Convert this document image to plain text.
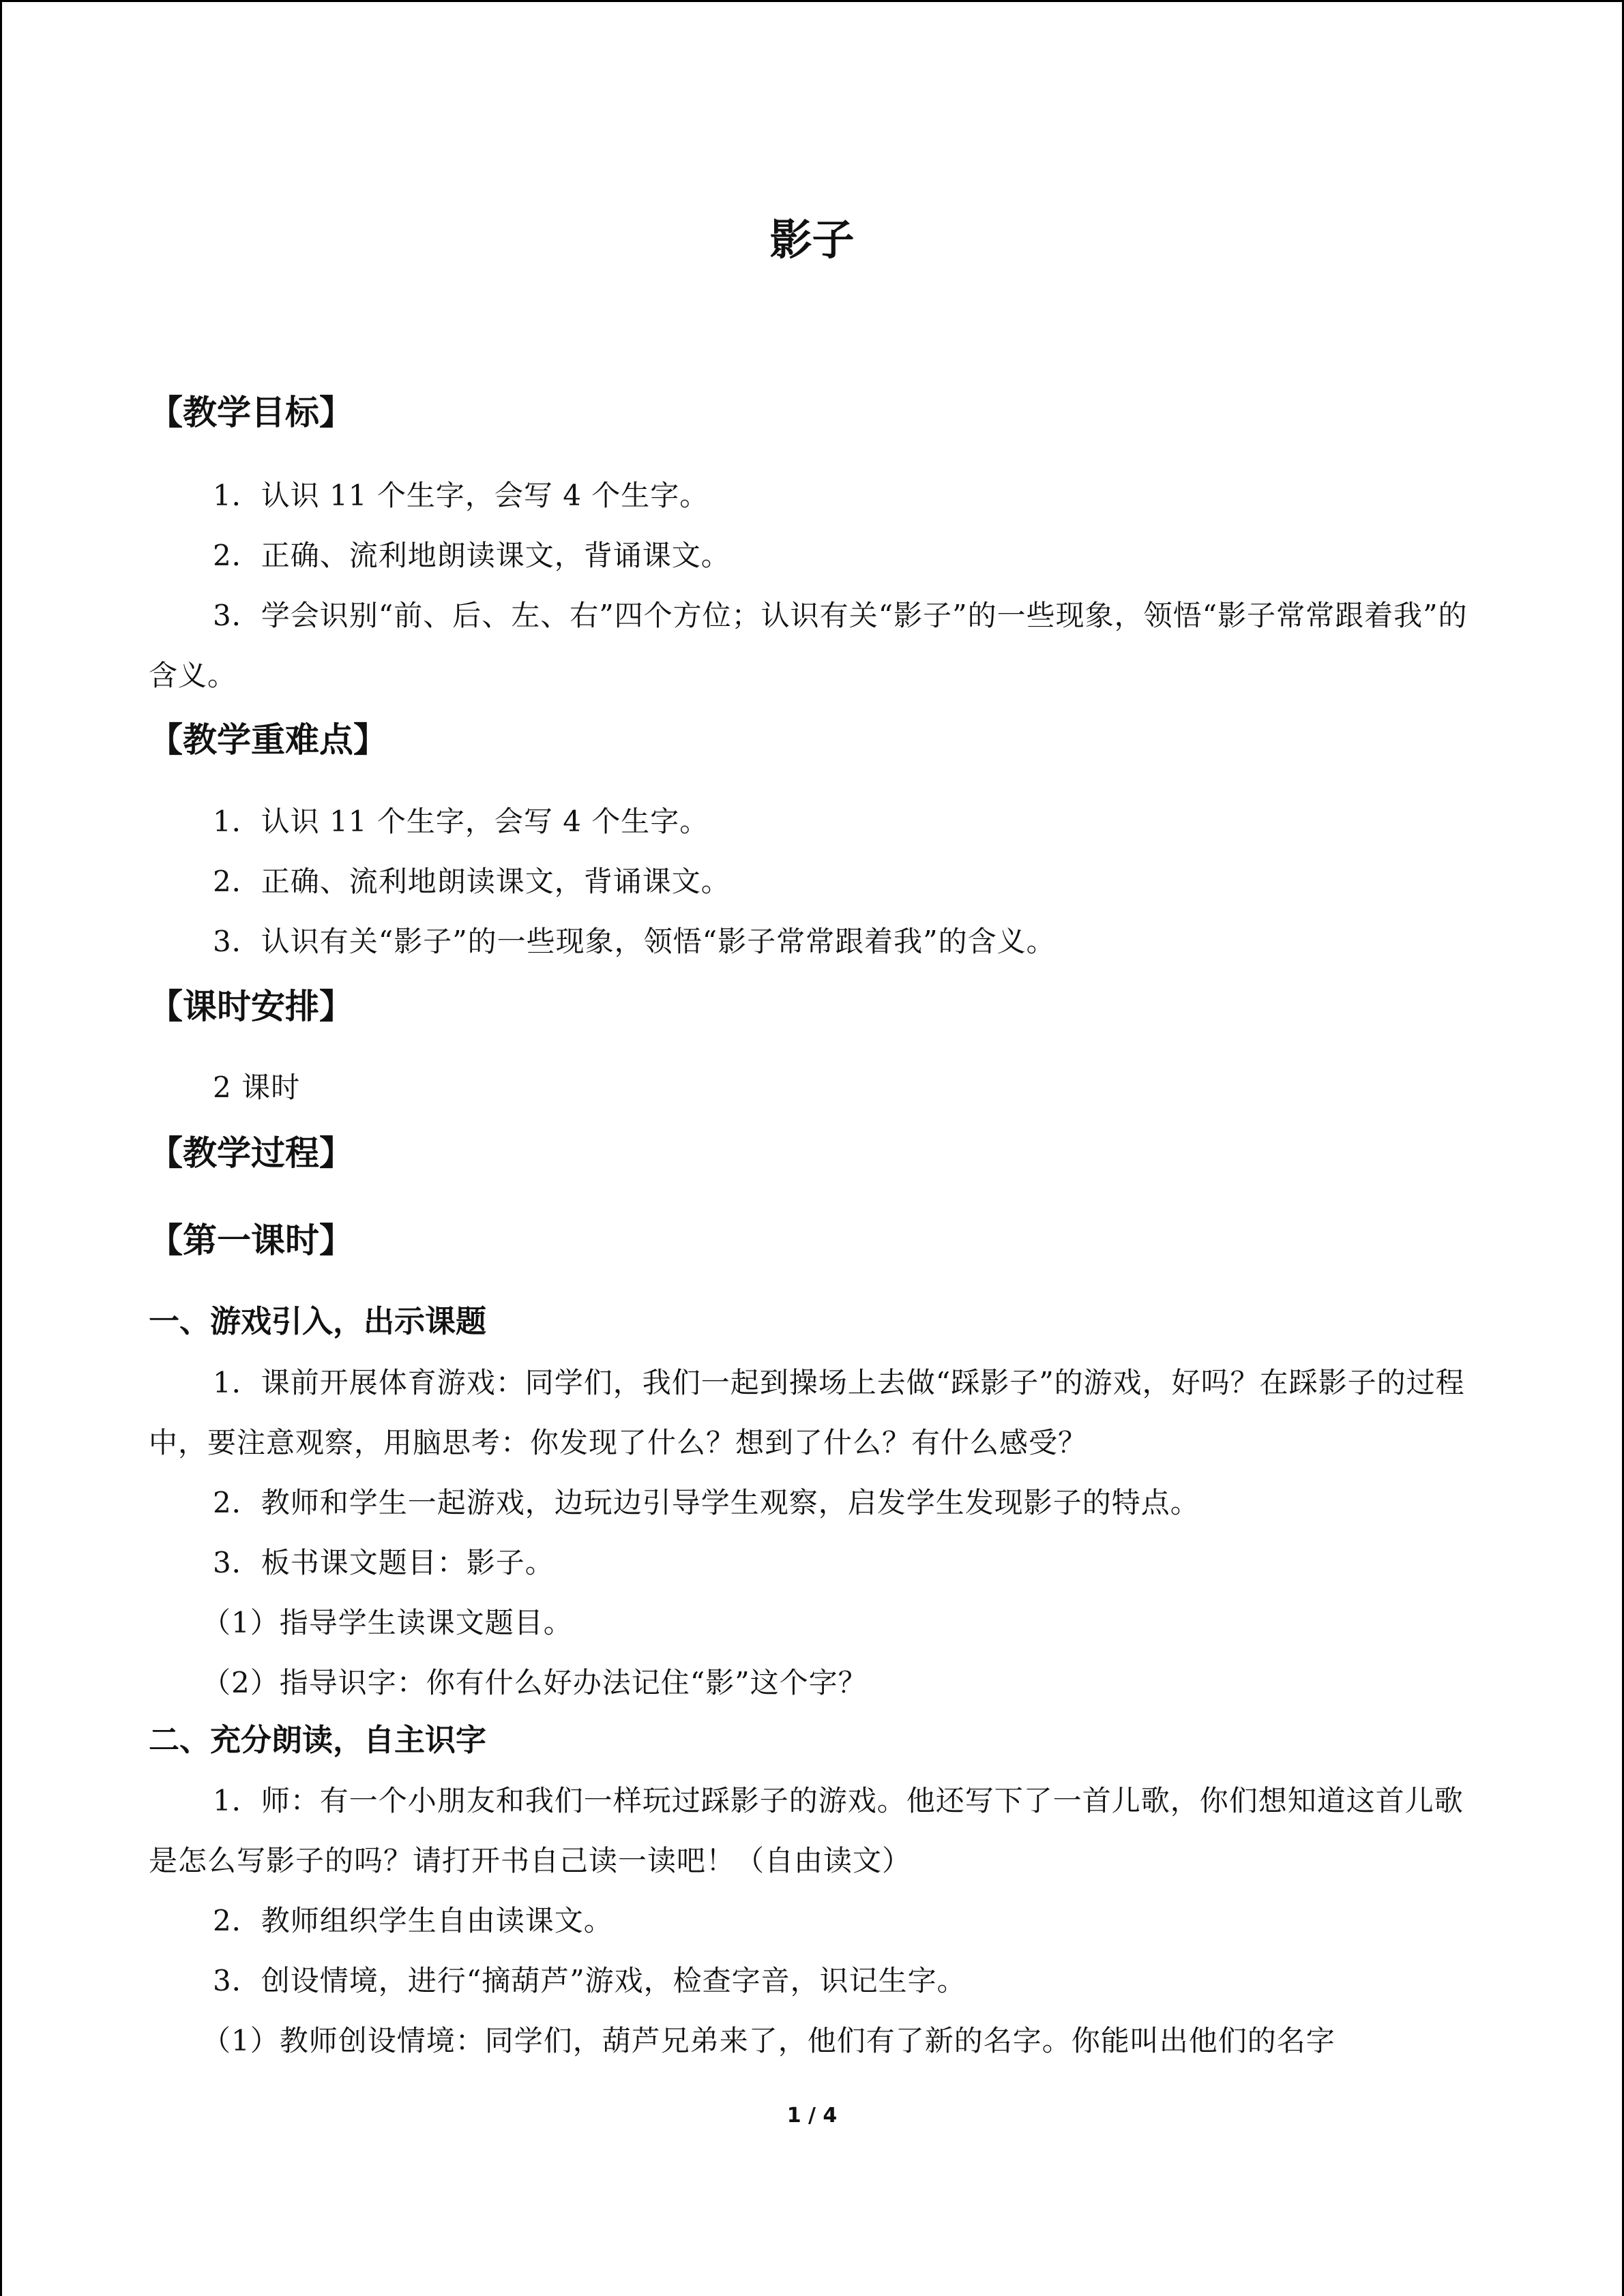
影子
【教学目标】
1．认识 11 个生字，会写 4 个生字。
2．正确、流利地朗读课文，背诵课文。
3．学会识别“前、后、左、右”四个方位；认识有关“影子”的一些现象，领悟“影子常常跟着我”的含义。
【教学重难点】
1．认识 11 个生字，会写 4 个生字。
2．正确、流利地朗读课文，背诵课文。
3．认识有关“影子”的一些现象，领悟“影子常常跟着我”的含义。
【课时安排】
2 课时
【教学过程】
【第一课时】
一、游戏引入，出示课题
1．课前开展体育游戏：同学们，我们一起到操场上去做“踩影子”的游戏，好吗？在踩影子的过程中，要注意观察，用脑思考：你发现了什么？想到了什么？有什么感受？
2．教师和学生一起游戏，边玩边引导学生观察，启发学生发现影子的特点。
3．板书课文题目：影子。
（1）指导学生读课文题目。
（2）指导识字：你有什么好办法记住“影”这个字？
二、充分朗读，自主识字
1．师：有一个小朋友和我们一样玩过踩影子的游戏。他还写下了一首儿歌，你们想知道这首儿歌是怎么写影子的吗？请打开书自己读一读吧！（自由读文）
2．教师组织学生自由读课文。
3．创设情境，进行“摘葫芦”游戏，检查字音，识记生字。
（1）教师创设情境：同学们，葫芦兄弟来了，他们有了新的名字。你能叫出他们的名字
1 / 4
